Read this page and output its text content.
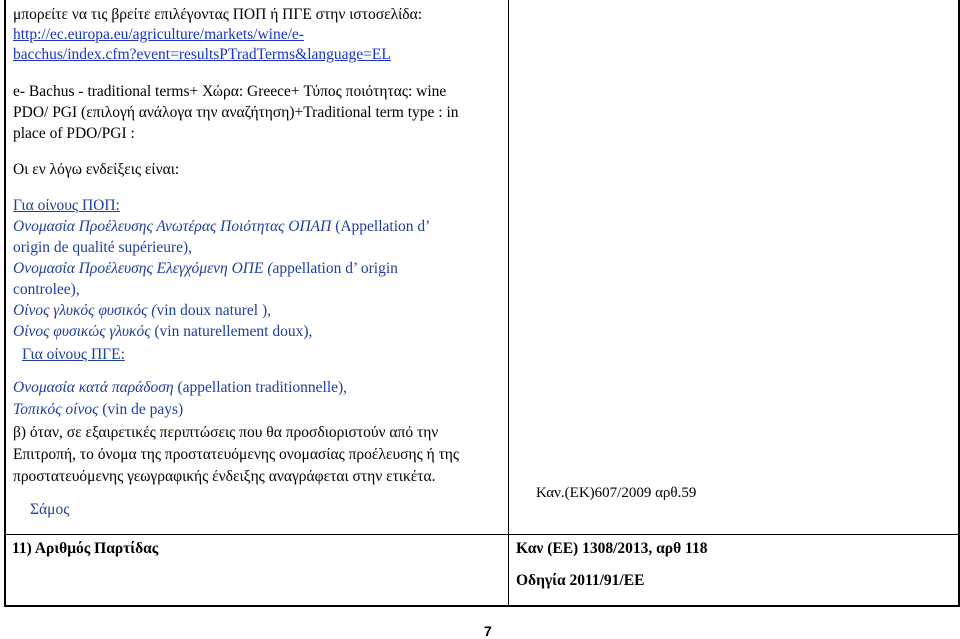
μπορείτε να τις βρείτε επιλέγοντας ΠΟΠ ή ΠΓΕ στην ιστοσελίδα:
http://ec.europa.eu/agriculture/markets/wine/e-
bacchus/index.cfm?event=resultsPTradTerms&language=EL
e- Bachus - traditional terms+ Χώρα: Greece+ Τύπος ποιότητας: wine
PDO/ PGI (επιλογή ανάλογα την αναζήτηση)+Traditional term type : in
place of PDO/PGI :
Οι εν λόγω ενδείξεις είναι:
Για οίνους ΠΟΠ:
Ονομασία Προέλευσης Ανωτέρας Ποιότητας ΟΠΑΠ (Appellation d’
origin de qualité supérieure),
Ονομασία Προέλευσης Ελεγχόμενη ΟΠΕ (appellation d’ origin
controlee),
Οίνος γλυκός φυσικός (vin doux naturel ),
Οίνος φυσικώς γλυκός (vin naturellement doux),
Για οίνους ΠΓΕ:
Ονομασία κατά παράδοση (appellation traditionnelle),
Τοπικός οίνος (vin de pays)
β) όταν, σε εξαιρετικές περιπτώσεις που θα προσδιοριστούν από την
Επιτροπή, το όνομα της προστατευόμενης ονομασίας προέλευσης ή της
προστατευόμενης γεωγραφικής ένδειξης αναγράφεται στην ετικέτα.
Σάμος
Καν.(ΕΚ)607/2009 αρθ.59
11) Αριθμός Παρτίδας	Καν (ΕΕ) 1308/2013, αρθ 118
Οδηγία 2011/91/ΕΕ
7
